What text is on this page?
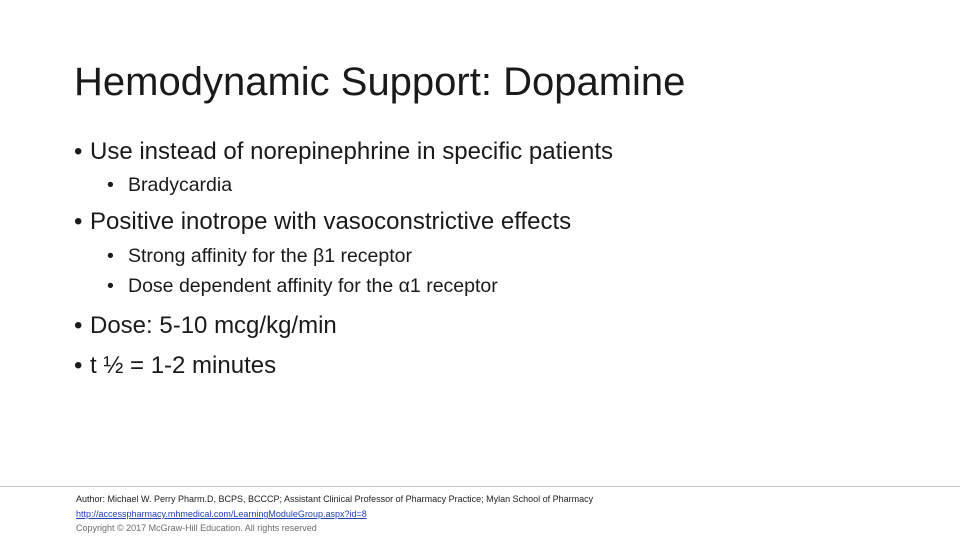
Hemodynamic Support: Dopamine
• Use instead of norepinephrine in specific patients
• Bradycardia
• Positive inotrope with vasoconstrictive effects
• Strong affinity for the β1 receptor
• Dose dependent affinity for the α1 receptor
• Dose: 5-10 mcg/kg/min
• t ½ = 1-2 minutes
Author: Michael W. Perry Pharm.D, BCPS, BCCCP; Assistant Clinical Professor of Pharmacy Practice; Mylan School of Pharmacy
http://accesspharmacy.mhmedical.com/LearningModuleGroup.aspx?id=8
Copyright © 2017 McGraw-Hill Education. All rights reserved
